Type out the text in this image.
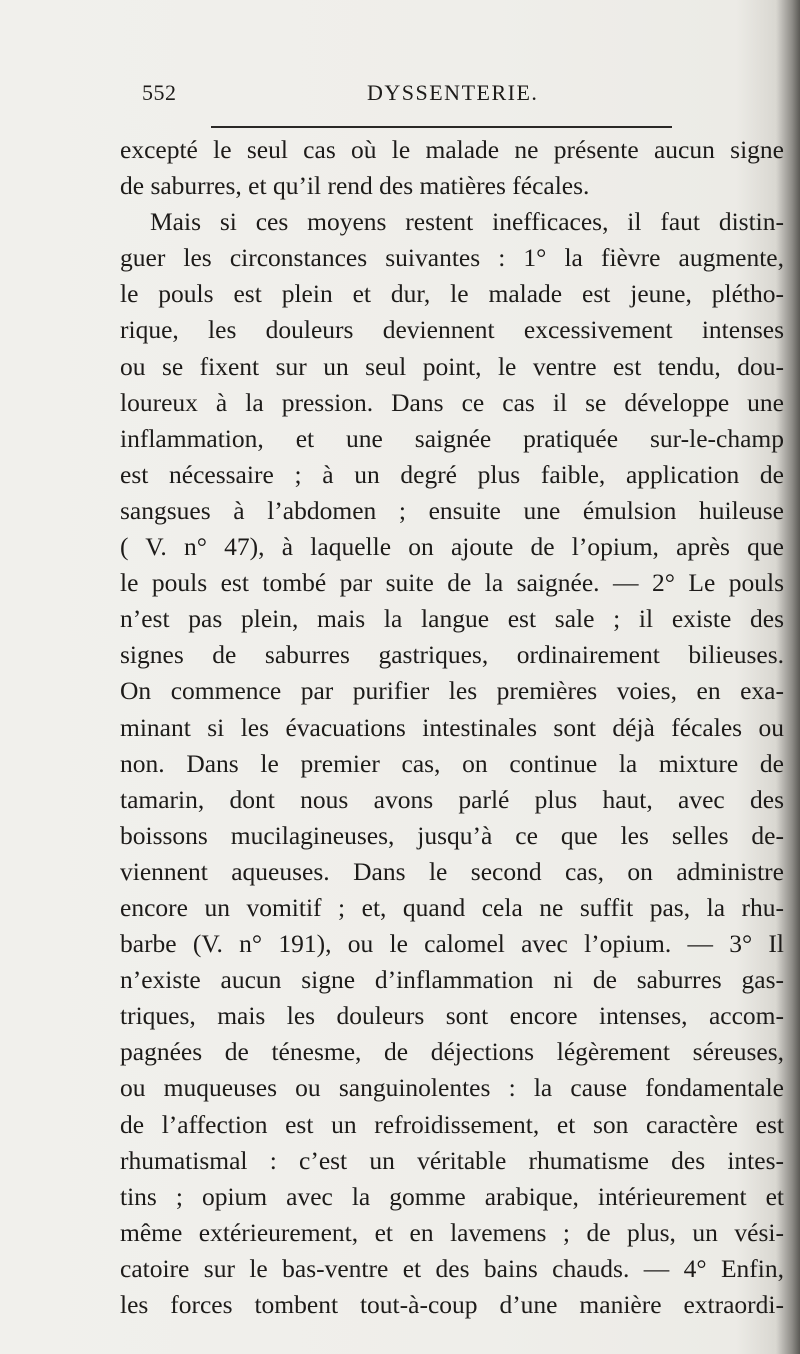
552	DYSSENTERIE.
excepté le seul cas où le malade ne présente aucun signe
de saburres, et qu’il rend des matières fécales.
Mais si ces moyens restent inefficaces, il faut distin-
guer les circonstances suivantes : 1° la fièvre augmente,
le pouls est plein et dur, le malade est jeune, plétho-
rique, les douleurs deviennent excessivement intenses
ou se fixent sur un seul point, le ventre est tendu, dou-
loureux à la pression. Dans ce cas il se développe une
inflammation, et une saignée pratiquée sur-le-champ
est nécessaire ; à un degré plus faible, application de
sangsues à l’abdomen ; ensuite une émulsion huileuse
( V. n° 47), à laquelle on ajoute de l’opium, après que
le pouls est tombé par suite de la saignée. — 2° Le pouls
n’est pas plein, mais la langue est sale ; il existe des
signes de saburres gastriques, ordinairement bilieuses.
On commence par purifier les premières voies, en exa-
minant si les évacuations intestinales sont déjà fécales ou
non. Dans le premier cas, on continue la mixture de
tamarin, dont nous avons parlé plus haut, avec des
boissons mucilagineuses, jusqu’à ce que les selles de-
viennent aqueuses. Dans le second cas, on administre
encore un vomitif ; et, quand cela ne suffit pas, la rhu-
barbe (V. n° 191), ou le calomel avec l’opium. — 3° Il
n’existe aucun signe d’inflammation ni de saburres gas-
triques, mais les douleurs sont encore intenses, accom-
pagnées de ténesme, de déjections légèrement séreuses,
ou muqueuses ou sanguinolentes : la cause fondamentale
de l’affection est un refroidissement, et son caractère est
rhumatismal : c’est un véritable rhumatisme des intes-
tins ; opium avec la gomme arabique, intérieurement et
même extérieurement, et en lavemens ; de plus, un vési-
catoire sur le bas-ventre et des bains chauds. — 4° Enfin,
les forces tombent tout-à-coup d’une manière extraordi-
